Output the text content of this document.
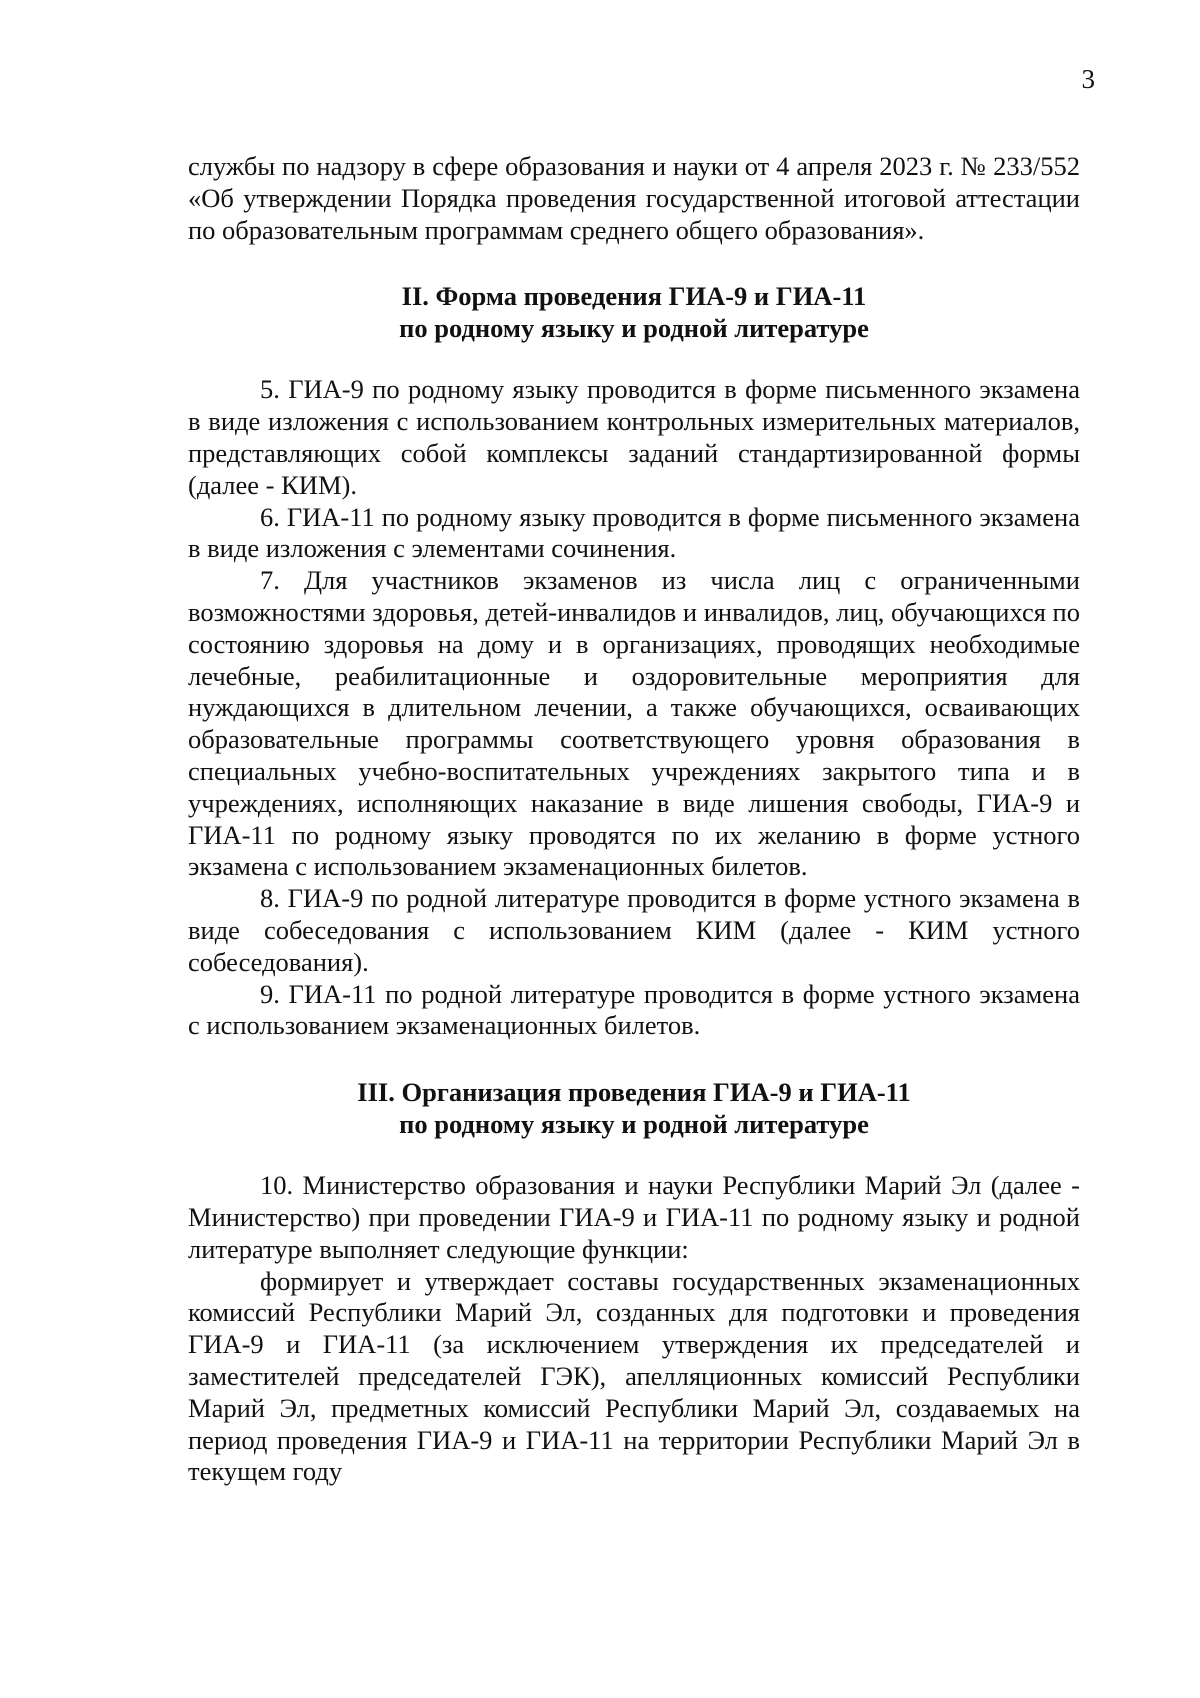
3

службы по надзору в сфере образования и науки от 4 апреля 2023 г. № 233/552 «Об утверждении Порядка проведения государственной итоговой аттестации по образовательным программам среднего общего образования».

II. Форма проведения ГИА-9 и ГИА-11

по родному языку и родной литературе

5. ГИА-9 по родному языку проводится в форме письменного экзамена в виде изложения с использованием контрольных измерительных материалов, представляющих собой комплексы заданий стандартизированной формы (далее - КИМ).

6. ГИА-11 по родному языку проводится в форме письменного экзамена в виде изложения с элементами сочинения.

7. Для участников экзаменов из числа лиц с ограниченными возможностями здоровья, детей-инвалидов и инвалидов, лиц, обучающихся по состоянию здоровья на дому и в организациях, проводящих необходимые лечебные, реабилитационные и оздоровительные мероприятия для нуждающихся в длительном лечении, а также обучающихся, осваивающих образовательные программы соответствующего уровня образования в специальных учебно-воспитательных учреждениях закрытого типа и в учреждениях, исполняющих наказание в виде лишения свободы, ГИА-9 и ГИА-11 по родному языку проводятся по их желанию в форме устного экзамена с использованием экзаменационных билетов.

8. ГИА-9 по родной литературе проводится в форме устного экзамена в виде собеседования с использованием КИМ (далее - КИМ устного собеседования).

9. ГИА-11 по родной литературе проводится в форме устного экзамена с использованием экзаменационных билетов.

III. Организация проведения ГИА-9 и ГИА-11

по родному языку и родной литературе

10. Министерство образования и науки Республики Марий Эл (далее - Министерство) при проведении ГИА-9 и ГИА-11 по родному языку и родной литературе выполняет следующие функции:

формирует и утверждает составы государственных экзаменационных комиссий Республики Марий Эл, созданных для подготовки и проведения ГИА-9 и ГИА-11 (за исключением утверждения их председателей и заместителей председателей ГЭК), апелляционных комиссий Республики Марий Эл, предметных комиссий Республики Марий Эл, создаваемых на период проведения ГИА-9 и ГИА-11 на территории Республики Марий Эл в текущем году
